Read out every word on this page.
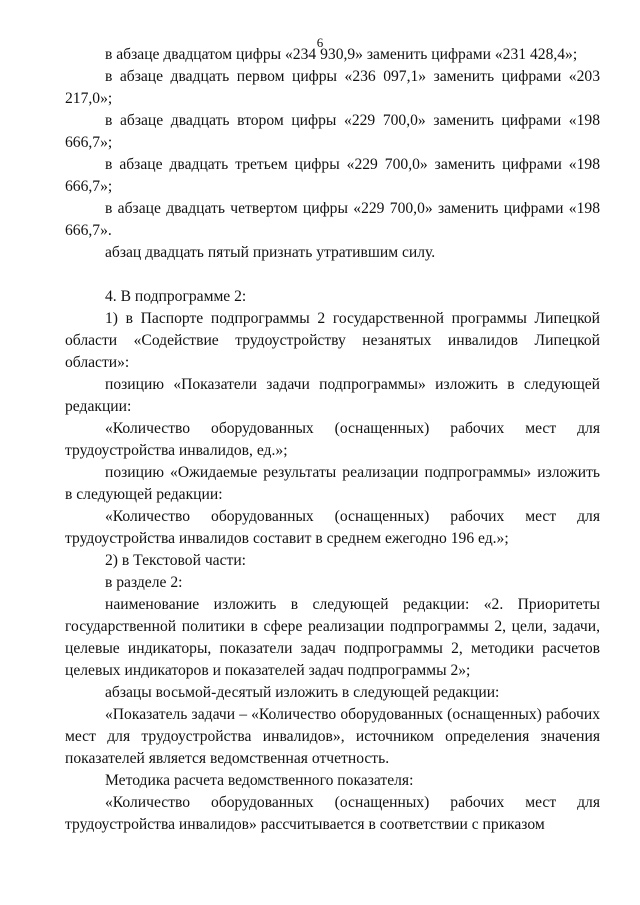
6

в абзаце двадцатом цифры «234 930,9» заменить цифрами «231 428,4»;

в абзаце двадцать первом цифры «236 097,1» заменить цифрами «203 217,0»;

в абзаце двадцать втором цифры «229 700,0» заменить цифрами «198 666,7»;

в абзаце двадцать третьем цифры «229 700,0» заменить цифрами «198 666,7»;

в абзаце двадцать четвертом цифры «229 700,0» заменить цифрами «198 666,7».

абзац двадцать пятый признать утратившим силу.

4. В подпрограмме 2:

1) в Паспорте подпрограммы 2 государственной программы Липецкой области «Содействие трудоустройству незанятых инвалидов Липецкой области»:

позицию «Показатели задачи подпрограммы» изложить в следующей редакции:

«Количество оборудованных (оснащенных) рабочих мест для трудоустройства инвалидов, ед.»;

позицию «Ожидаемые результаты реализации подпрограммы» изложить в следующей редакции:

«Количество оборудованных (оснащенных) рабочих мест для трудоустройства инвалидов составит в среднем ежегодно 196 ед.»;

2) в Текстовой части:

в разделе 2:

наименование изложить в следующей редакции: «2. Приоритеты государственной политики в сфере реализации подпрограммы 2, цели, задачи, целевые индикаторы, показатели задач подпрограммы 2, методики расчетов целевых индикаторов и показателей задач подпрограммы 2»;

абзацы восьмой-десятый изложить в следующей редакции:

«Показатель задачи – «Количество оборудованных (оснащенных) рабочих мест для трудоустройства инвалидов», источником определения значения показателей является ведомственная отчетность.

Методика расчета ведомственного показателя:

«Количество оборудованных (оснащенных) рабочих мест для трудоустройства инвалидов» рассчитывается в соответствии с приказом
